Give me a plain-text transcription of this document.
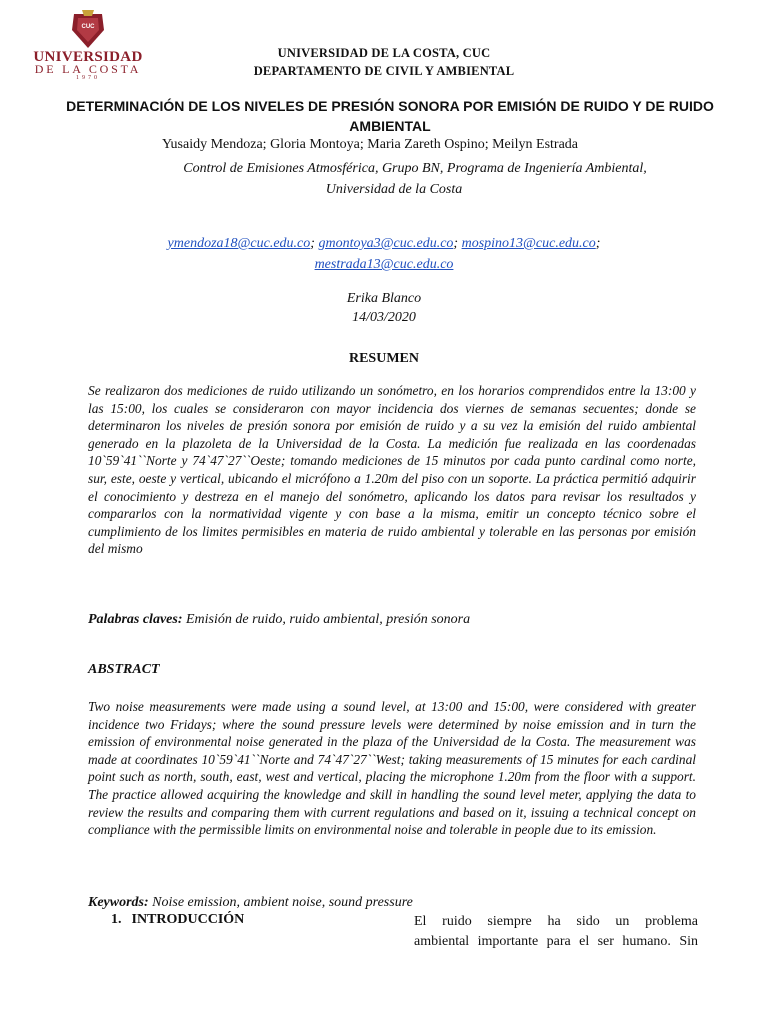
CUC
UNIVERSIDAD
DE LA COSTA
1970
UNIVERSIDAD DE LA COSTA, CUC
DEPARTAMENTO DE CIVIL Y AMBIENTAL
DETERMINACIÓN DE LOS NIVELES DE PRESIÓN SONORA POR EMISIÓN DE RUIDO Y DE RUIDO AMBIENTAL
Yusaidy Mendoza; Gloria Montoya; Maria Zareth Ospino; Meilyn Estrada
Control de Emisiones Atmosférica, Grupo BN, Programa de Ingeniería Ambiental,
Universidad de la Costa
ymendoza18@cuc.edu.co; gmontoya3@cuc.edu.co; mospino13@cuc.edu.co;
mestrada13@cuc.edu.co
Erika Blanco
14/03/2020
RESUMEN
Se realizaron dos mediciones de ruido utilizando un sonómetro, en los horarios comprendidos entre la 13:00 y las 15:00, los cuales se consideraron con mayor incidencia dos viernes de semanas secuentes; donde se determinaron los niveles de presión sonora por emisión de ruido y a su vez la emisión del ruido ambiental generado en la plazoleta de la Universidad de la Costa. La medición fue realizada en las coordenadas 10`59`41``Norte y 74`47`27``Oeste; tomando mediciones de 15 minutos por cada punto cardinal como norte, sur, este, oeste y vertical, ubicando el micrófono a 1.20m del piso con un soporte. La práctica permitió adquirir el conocimiento y destreza en el manejo del sonómetro, aplicando los datos para revisar los resultados y compararlos con la normatividad vigente y con base a la misma, emitir un concepto técnico sobre el cumplimiento de los limites permisibles en materia de ruido ambiental y tolerable en las personas por emisión del mismo
Palabras claves: Emisión de ruido, ruido ambiental, presión sonora
ABSTRACT
Two noise measurements were made using a sound level, at 13:00 and 15:00, were considered with greater incidence two Fridays; where the sound pressure levels were determined by noise emission and in turn the emission of environmental noise generated in the plaza of the Universidad de la Costa. The measurement was made at coordinates 10`59`41``Norte and 74`47`27``West; taking measurements of 15 minutes for each cardinal point such as north, south, east, west and vertical, placing the microphone 1.20m from the floor with a support. The practice allowed acquiring the knowledge and skill in handling the sound level meter, applying the data to review the results and comparing them with current regulations and based on it, issuing a technical concept on compliance with the permissible limits on environmental noise and tolerable in people due to its emission.
Keywords: Noise emission, ambient noise, sound pressure
1. INTRODUCCIÓN	El ruido siempre ha sido un problema
ambiental importante para el ser humano. Sin
